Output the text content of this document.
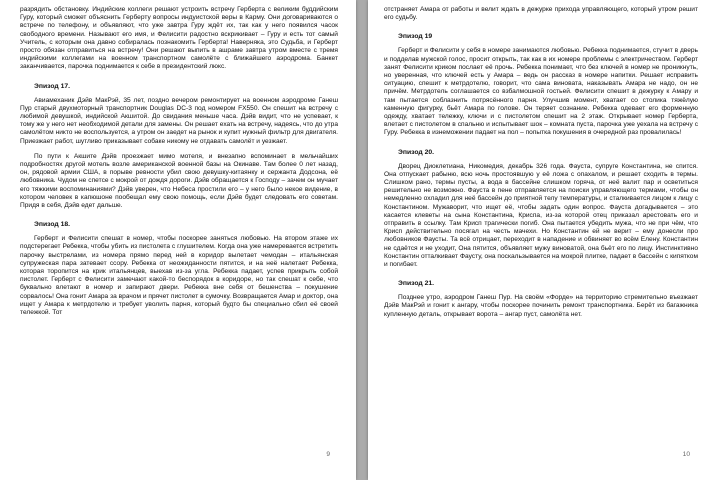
разрядить обстановку. Индийские коллеги решают устроить встречу Герберта с великим буддийским Гуру, который сможет объяснить Герберту вопросы индуистской веры в Карму. Они договариваются о встрече по телефону, и объявляют, что уже завтра Гуру ждёт их, так как у него появился часок свободного времени. Называют его имя, и Фелисити радостно вскрикивает – Гуру и есть тот самый Учитель, с которым она давно собиралась познакомить Герберта! Наверняка, это Судьба, и Герберт просто обязан отправиться на встречу! Они решают выпить в ашраме завтра утром вместе с тремя индийскими коллегами на военном транспортном самолёте с ближайшего аэродрома. Банкет заканчивается, парочка поднимается к себе в президентский люкс.
Эпизод 17.
Авиамеханик Дэйв МакРэй, 35 лет, поздно вечером ремонтирует на военном аэродроме Ганеш Пур старый двухмоторный транспортник Douglas DC-3 под номером FX550. Он спешит на встречу с любимой девушкой, индийской Акшитой. До свидания меньше часа. Дэйв видит, что не успевает, к тому же у него нет необходимой детали для замены. Он решает ехать на встречу, надеясь, что до утра самолётом никто не воспользуется, а утром он заедет на рынок и купит нужный фильтр для двигателя. Приезжает работ, шутливо приказывает собаке никому не отдавать самолёт и уезжает.
По пути к Акшите Дэйв проезжает мимо мотеля, и внезапно вспоминает в мельчайших подробностях другой мотель возле американской военной базы на Окинаве. Там более 0 лет назад, он, рядовой армии США, в порыве ревности убил свою девушку-китаянку и сержанта Додсона, её любовника. Чудом не спетсе с мокрой от дождя дороги. Дэйв обращается к Господу – зачем он мучает его тяжкими воспоминаниями? Дэйв уверен, что Небеса простили его – у него было некое видение, в котором человек в капюшоне пообещал ему свою помощь, если Дэйв будет следовать его советам. Придя в себя, Дэйв едет дальше.
Эпизод 18.
Герберт и Фелисити спешат в номер, чтобы поскорее заняться любовью. На втором этаже их подстерегает Ребекка, чтобы убить из пистолета с глушителем. Когда она уже намеревается встретить парочку выстрелами, из номера прямо перед ней в коридор вылетает чемодан – итальянская супружеская пара затевает ссору. Ребекка от неожиданности пятится, и на неё налетает Ребекка, которая торопится на крик итальянцев, выехав из-за угла. Ребекка падает, успев прикрыть собой пистолет. Герберт с Фелисити замечают какой-то беспорядок в коридоре, но так спешат к себе, что буквально влетают в номер и запирают двери. Ребекка вне себя от бешенства – покушение сорвалось! Она гонит Амара за врачом и прячет пистолет в сумочку. Возвращается Амар и доктор, она ищет у Амара к метрдотелю и требует уволить парня, который будто бы специально сбил её своей тележкой. Тот
9
отстраняет Амара от работы и велит ждать в дежурке прихода управляющего, который утром решит его судьбу.
Эпизод 19
Герберт и Фелисити у себя в номере занимаются любовью. Ребекка поднимается, стучит в дверь и подделав мужской голос, просит открыть, так как в их номере проблемы с электричеством. Герберт занят Фелисити криком послает её прочь. Ребекка понимает, что без ключей в номер не проникнуть, но уверенная, что ключей есть у Амара – ведь он рассказ в номере напитки. Решает исправить ситуацию, спешит к метрдотелю, говорит, что сама виновата, наказывать Амара не надо, он не причём. Метрдотель соглашается со взбалмошной гостьей. Фелисити спешит в дежурку к Амару и там пытается соблазнить потрясённого парня. Улучшив момент, хватает со столика тяжёлую каменную фигурку, бьёт Амара по голове. Он теряет сознание. Ребекка одевает его форменную одежду, хватает тележку, ключи и с пистолетом спешит на 2 этаж. Открывает номер Герберта, влетает с пистолетом в спальню и испытывает шок – комната пуста, парочка уже уехала на встречу с Гуру. Ребекка в изнеможении падает на пол – попытка покушения в очередной раз провалилась!
Эпизод 20.
Дворец Диоклетиана, Никомедия, декабрь 326 года. Фауста, супруге Константина, не спится. Она отпускает рабыню, всю ночь простоявшую у её ложа с опахалом, и решает сходить в термы. Слишком рано, термы пусты, а вода в бассейне слишком горяча, от неё валит пар и осветиться решительно не возможно. Фауста в пене отправляется на поиски управляющего термами, чтобы он немедленно охладил для неё бассейн до приятной телу температуры, и сталкивается лицом к лицу с Константином. Мужаворит, что ищет её, чтобы задать один вопрос. Фауста догадывается – это касается клеветы на сына Константина, Криспа, из-за которой отец приказал арестовать его и отправить в ссылку. Там Крисп трагически погиб. Она пытается убедить мужа, что не при чём, что Крисп действительно посягал на честь мачехи. Но Константин ей не верит – ему донесли про любовников Фаусты. Та всё отрицает, переходит в нападение и обвиняет во всём Елену. Константин не сдаётся и не уходит, Она пятится, объявляет мужу виноватой, она бьёт его по лицу. Инстинктивно Константин отталкивает Фаусту, она поскальзывается на мокрой плитке, падает в бассейн с кипятком и погибает.
Эпизод 21.
Позднее утро, аэродром Ганеш Пур. На своём «Форде» на территорию стремительно въезжает Дэйв МакРэй и гонит к ангару, чтобы поскорее починить ремонт транспортника. Берёт из багажника купленную деталь, открывает ворота – ангар пуст, самолёта нет.
10
